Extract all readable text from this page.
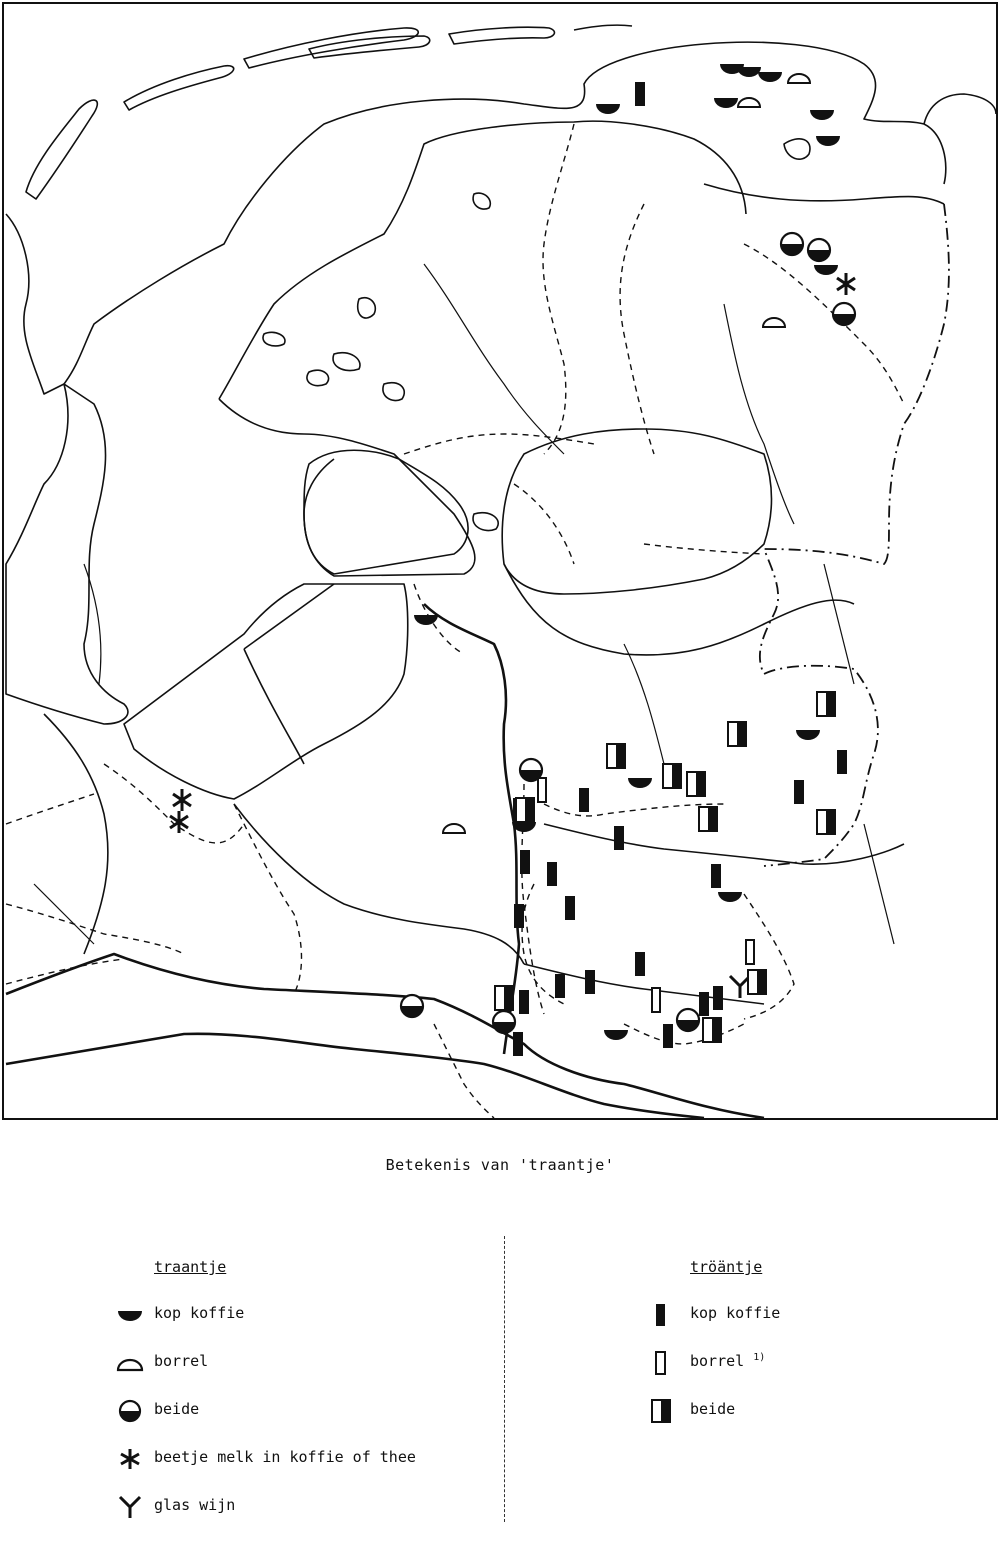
Betekenis van 'traantje'
traantje
kop koffie
borrel
beide
beetje melk in koffie of thee
glas wijn
tröäntje
kop koffie
borrel $^{1)}$
beide
